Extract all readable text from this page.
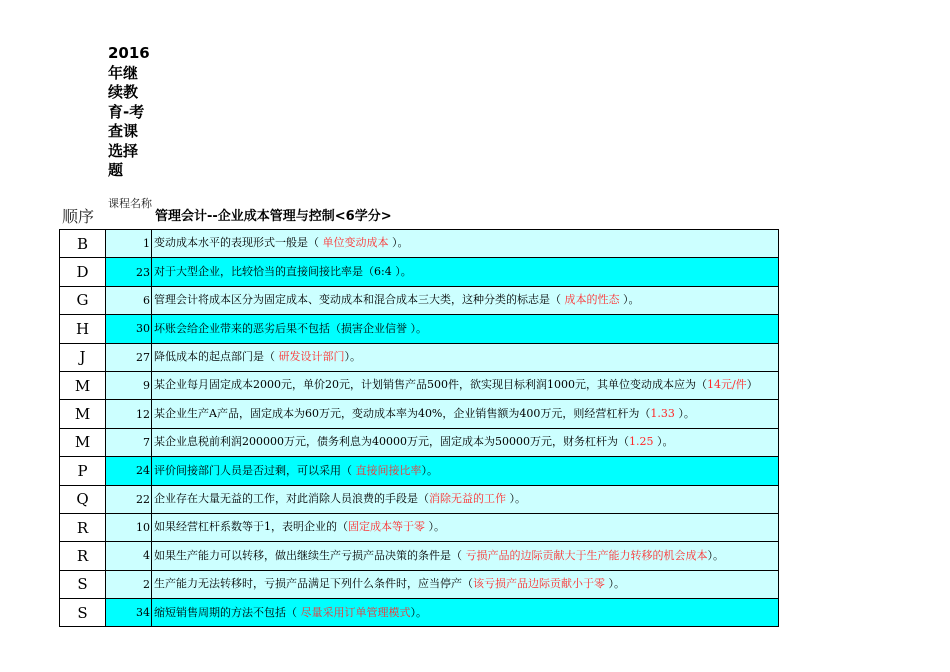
2016年继续教育-考查课选择题
顺序
课程名称
管理会计--企业成本管理与控制<6学分>
B	1	变动成本水平的表现形式一般是（ 单位变动成本 ）。
D	23	对于大型企业，比较恰当的直接间接比率是（6:4 ）。
G	6	管理会计将成本区分为固定成本、变动成本和混合成本三大类，这种分类的标志是（ 成本的性态 ）。
H	30	坏账会给企业带来的恶劣后果不包括（损害企业信誉 ）。
J	27	降低成本的起点部门是（ 研发设计部门）。
M	9	某企业每月固定成本2000元，单价20元，计划销售产品500件，欲实现目标利润1000元，其单位变动成本应为（14元/件）
M	12	某企业生产A产品，固定成本为60万元，变动成本率为40%，企业销售额为400万元，则经营杠杆为（1.33 ）。
M	7	某企业息税前利润200000万元，债务利息为40000万元，固定成本为50000万元，财务杠杆为（1.25 ）。
P	24	评价间接部门人员是否过剩，可以采用（ 直接间接比率）。
Q	22	企业存在大量无益的工作，对此消除人员浪费的手段是（消除无益的工作 ）。
R	10	如果经营杠杆系数等于1，表明企业的（固定成本等于零 ）。
R	4	如果生产能力可以转移，做出继续生产亏损产品决策的条件是（ 亏损产品的边际贡献大于生产能力转移的机会成本）。
S	2	生产能力无法转移时，亏损产品满足下列什么条件时，应当停产（该亏损产品边际贡献小于零 ）。
S	34	缩短销售周期的方法不包括（ 尽量采用订单管理模式）。
